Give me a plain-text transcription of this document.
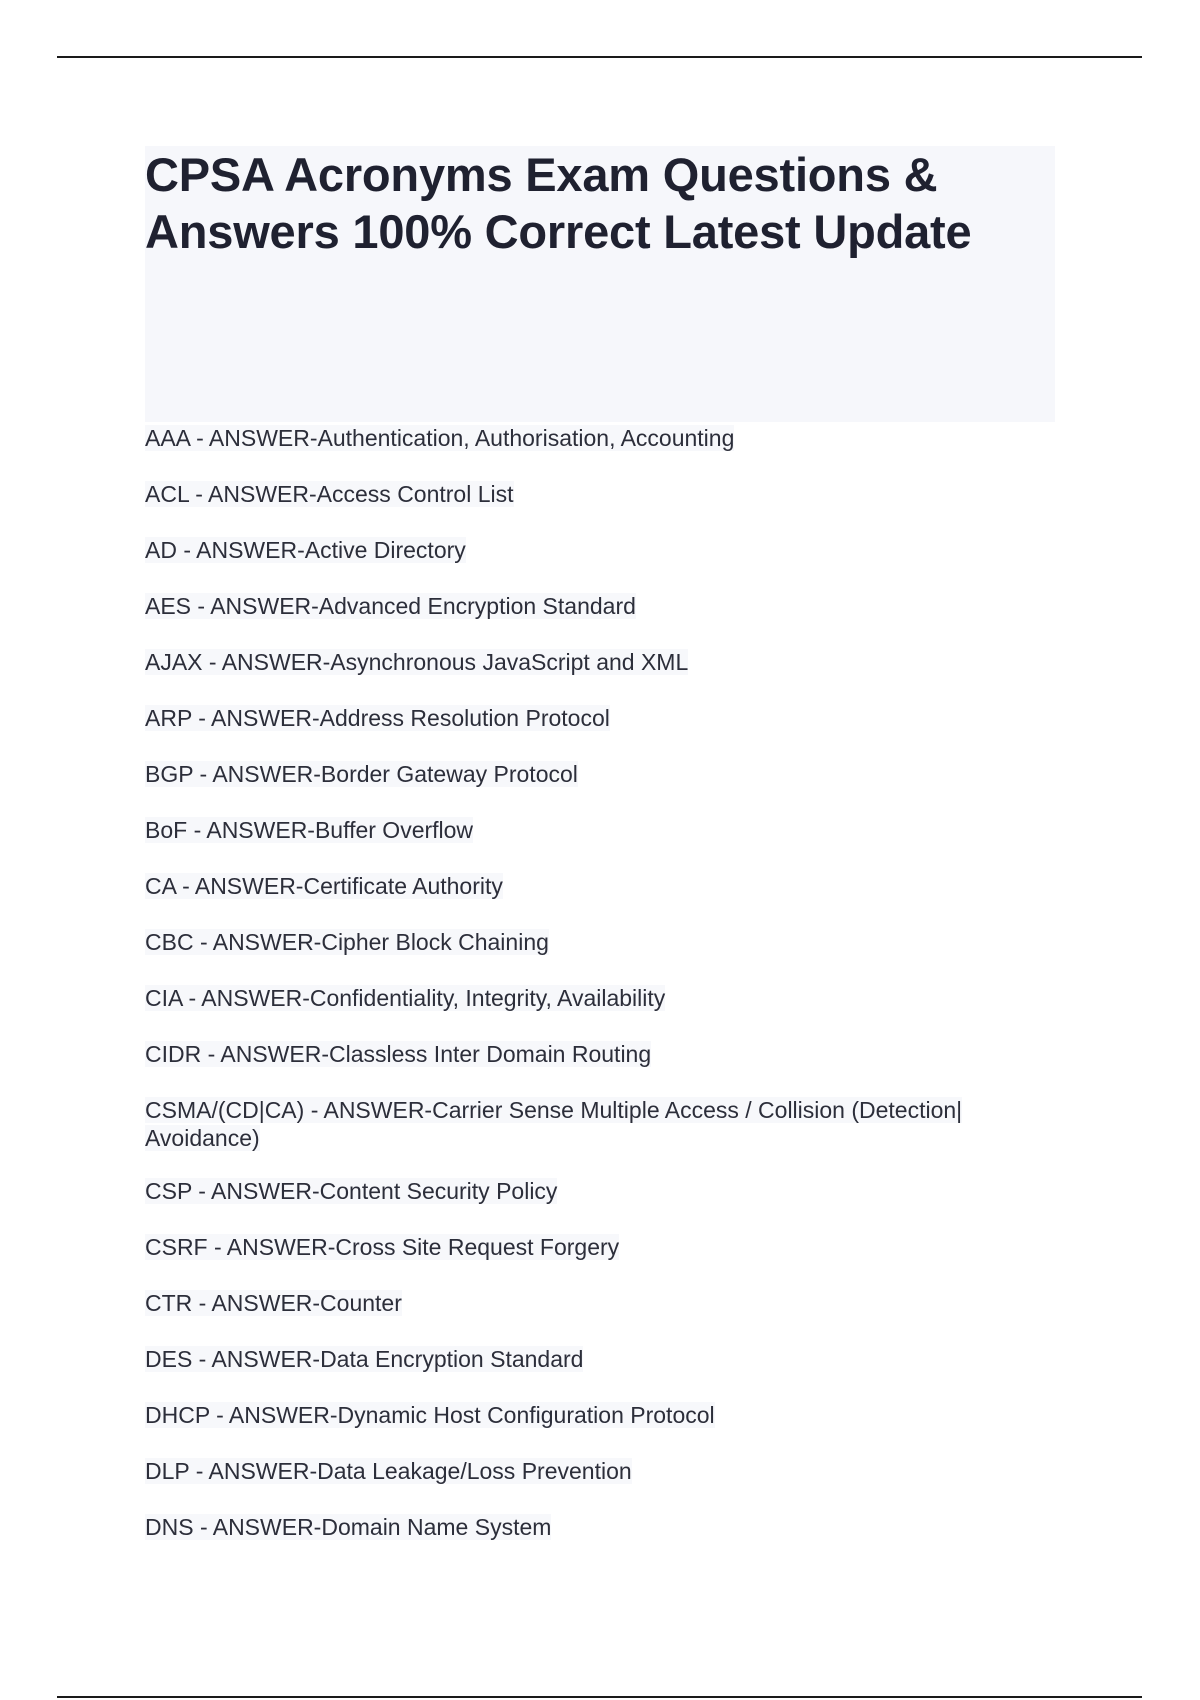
CPSA Acronyms Exam Questions & Answers 100% Correct Latest Update
AAA - ANSWER-Authentication, Authorisation, Accounting
ACL - ANSWER-Access Control List
AD - ANSWER-Active Directory
AES - ANSWER-Advanced Encryption Standard
AJAX - ANSWER-Asynchronous JavaScript and XML
ARP - ANSWER-Address Resolution Protocol
BGP - ANSWER-Border Gateway Protocol
BoF - ANSWER-Buffer Overflow
CA - ANSWER-Certificate Authority
CBC - ANSWER-Cipher Block Chaining
CIA - ANSWER-Confidentiality, Integrity, Availability
CIDR - ANSWER-Classless Inter Domain Routing
CSMA/(CD|CA) - ANSWER-Carrier Sense Multiple Access / Collision (Detection| Avoidance)
CSP - ANSWER-Content Security Policy
CSRF - ANSWER-Cross Site Request Forgery
CTR - ANSWER-Counter
DES - ANSWER-Data Encryption Standard
DHCP - ANSWER-Dynamic Host Configuration Protocol
DLP - ANSWER-Data Leakage/Loss Prevention
DNS - ANSWER-Domain Name System
